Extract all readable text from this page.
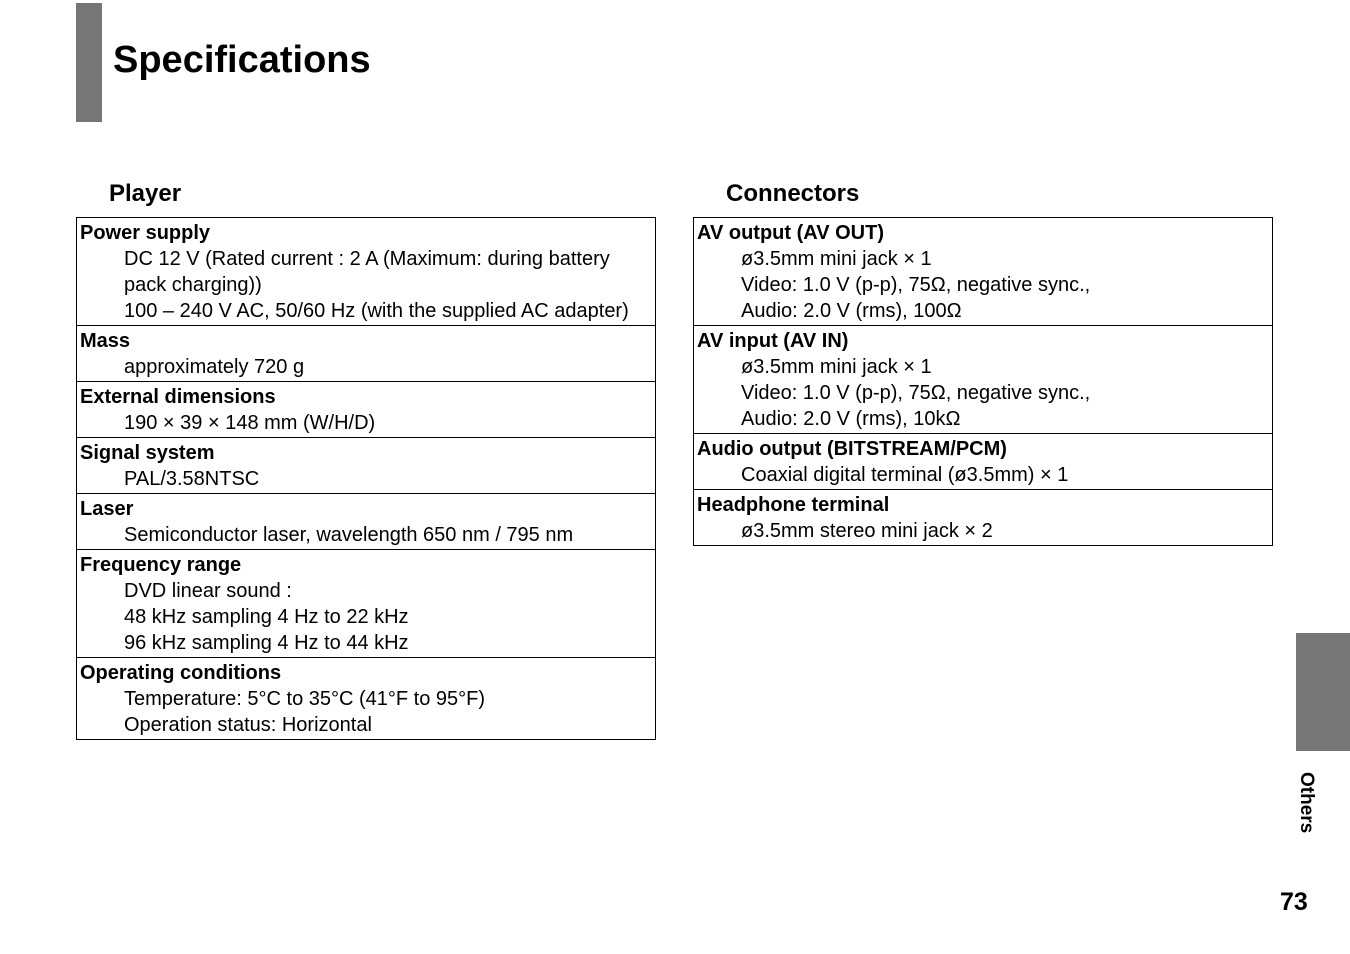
Specifications
Player
Power supply
DC 12 V (Rated current : 2 A (Maximum: during battery
pack charging))
100 – 240 V AC, 50/60 Hz (with the supplied AC adapter)
Mass
approximately 720 g
External dimensions
190 × 39 × 148 mm (W/H/D)
Signal system
PAL/3.58NTSC
Laser
Semiconductor laser, wavelength 650 nm / 795 nm
Frequency range
DVD linear sound :
48 kHz sampling 4 Hz to 22 kHz
96 kHz sampling 4 Hz to 44 kHz
Operating conditions
Temperature: 5°C to 35°C (41°F to 95°F)
Operation status: Horizontal
Connectors
AV output (AV OUT)
ø3.5mm mini jack × 1
Video: 1.0 V (p-p), 75Ω, negative sync.,
Audio: 2.0 V (rms), 100Ω
AV input (AV IN)
ø3.5mm mini jack × 1
Video: 1.0 V (p-p), 75Ω, negative sync.,
Audio: 2.0 V (rms), 10kΩ
Audio output (BITSTREAM/PCM)
Coaxial digital terminal (ø3.5mm) × 1
Headphone terminal
ø3.5mm stereo mini jack × 2
Others
73
